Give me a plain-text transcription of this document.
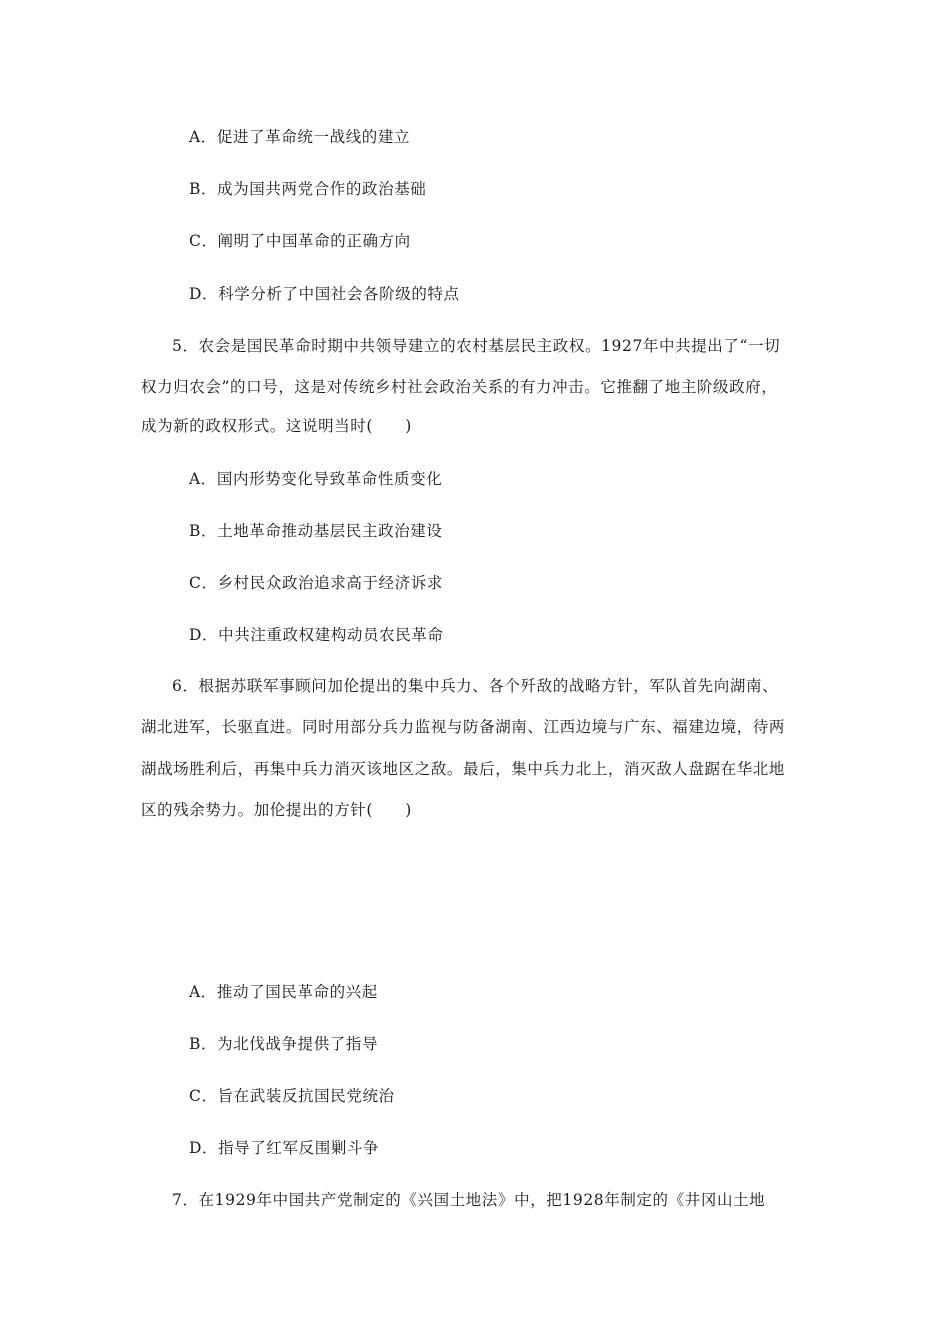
A．促进了革命统一战线的建立
B．成为国共两党合作的政治基础
C．阐明了中国革命的正确方向
D．科学分析了中国社会各阶级的特点
5．农会是国民革命时期中共领导建立的农村基层民主政权。1927年中共提出了“一切
权力归农会”的口号，这是对传统乡村社会政治关系的有力冲击。它推翻了地主阶级政府，
成为新的政权形式。这说明当时(　　)
A．国内形势变化导致革命性质变化
B．土地革命推动基层民主政治建设
C．乡村民众政治追求高于经济诉求
D．中共注重政权建构动员农民革命
6．根据苏联军事顾问加伦提出的集中兵力、各个歼敌的战略方针，军队首先向湖南、
湖北进军，长驱直进。同时用部分兵力监视与防备湖南、江西边境与广东、福建边境，待两
湖战场胜利后，再集中兵力消灭该地区之敌。最后，集中兵力北上，消灭敌人盘踞在华北地
区的残余势力。加伦提出的方针(　　)
A．推动了国民革命的兴起
B．为北伐战争提供了指导
C．旨在武装反抗国民党统治
D．指导了红军反围剿斗争
7．在1929年中国共产党制定的《兴国土地法》中，把1928年制定的《井冈山土地
